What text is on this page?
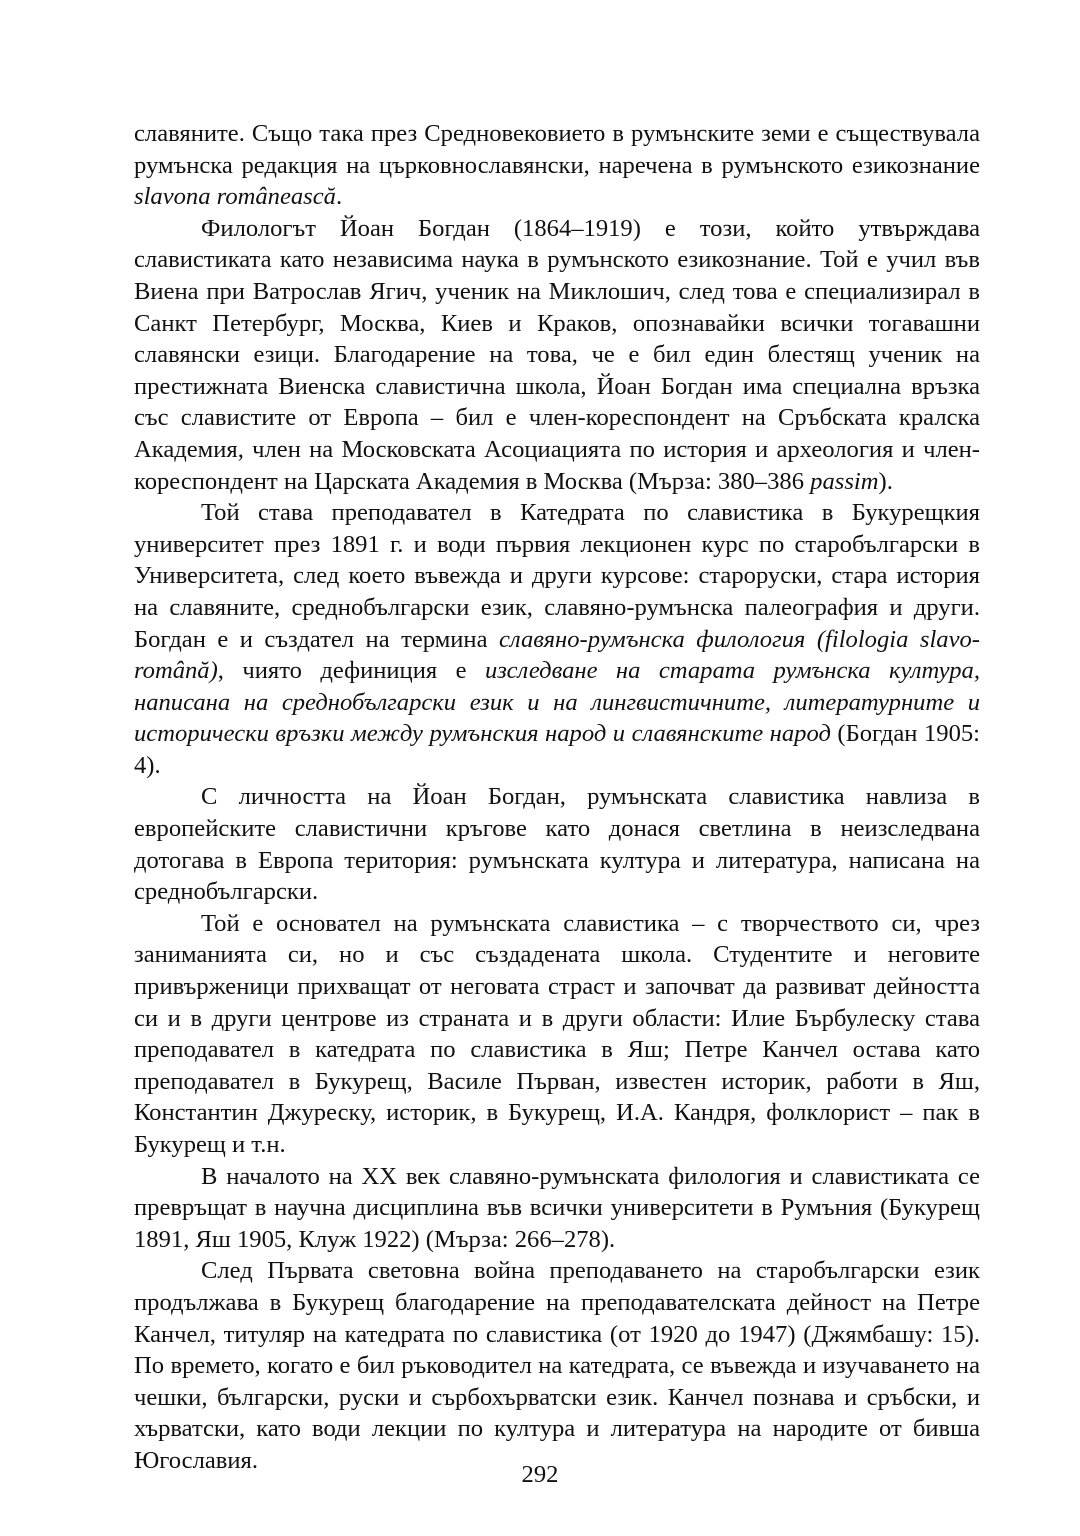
славяните. Също така през Средновековието в румънските земи е съществувала румънска редакция на църковнославянски, наречена в румънското езикознание slavona românească.

Филологът Йоан Богдан (1864–1919) е този, който утвърждава славистиката като независима наука в румънското езикознание. Той е учил във Виена при Ватрослав Ягич, ученик на Миклошич, след това е специализирал в Санкт Петербург, Москва, Киев и Краков, опознавайки всички тогавашни славянски езици. Благодарение на това, че е бил един блестящ ученик на престижната Виенска славистична школа, Йоан Богдан има специална връзка със славистите от Европа – бил е член-кореспондент на Сръбската кралска Академия, член на Московската Асоциацията по история и археология и член-кореспондент на Царската Академия в Москва (Мързa: 380–386 passim).

Той става преподавател в Катедрата по славистика в Букурещкия университет през 1891 г. и води първия лекционен курс по старобългарски в Университета, след което въвежда и други курсове: староруски, стара история на славяните, среднобългарски език, славяно-румънска палеография и други. Богдан е и създател на термина славяно-румънска филология (filologia slavo-română), чиято дефиниция е изследване на старата румънска култура, написана на среднобългарски език и на лингвистичните, литературните и исторически връзки между румънския народ и славянските народ (Богдан 1905: 4).

С личността на Йоан Богдан, румънската славистика навлиза в европейските славистични кръгове като донася светлина в неизследвана дотогава в Европа територия: румънската култура и литература, написана на среднобългарски.

Той е основател на румънската славистика – с творчеството си, чрез заниманията си, но и със създадената школа. Студентите и неговите привърженици прихващат от неговата страст и започват да развиват дейността си и в други центрове из страната и в други области: Илие Бърбулеску става преподавател в катедрата по славистика в Яш; Петре Канчел остава като преподавател в Букурещ, Василе Първан, известен историк, работи в Яш, Константин Джуреску, историк, в Букурещ, И.А. Кандря, фолклорист – пак в Букурещ и т.н.

В началото на XX век славяно-румънската филология и славистиката се превръщат в научна дисциплина във всички университети в Румъния (Букурещ 1891, Яш 1905, Клуж 1922) (Мързa: 266–278).

След Първата световна война преподаването на старобългарски език продължава в Букурещ благодарение на преподавателската дейност на Петре Канчел, титуляр на катедрата по славистика (от 1920 до 1947) (Джямбашу: 15). По времето, когато е бил ръководител на катедрата, се въвежда и изучаването на чешки, български, руски и сърбохърватски език. Канчел познава и сръбски, и хърватски, като води лекции по култура и литература на народите от бивша Югославия.

292
